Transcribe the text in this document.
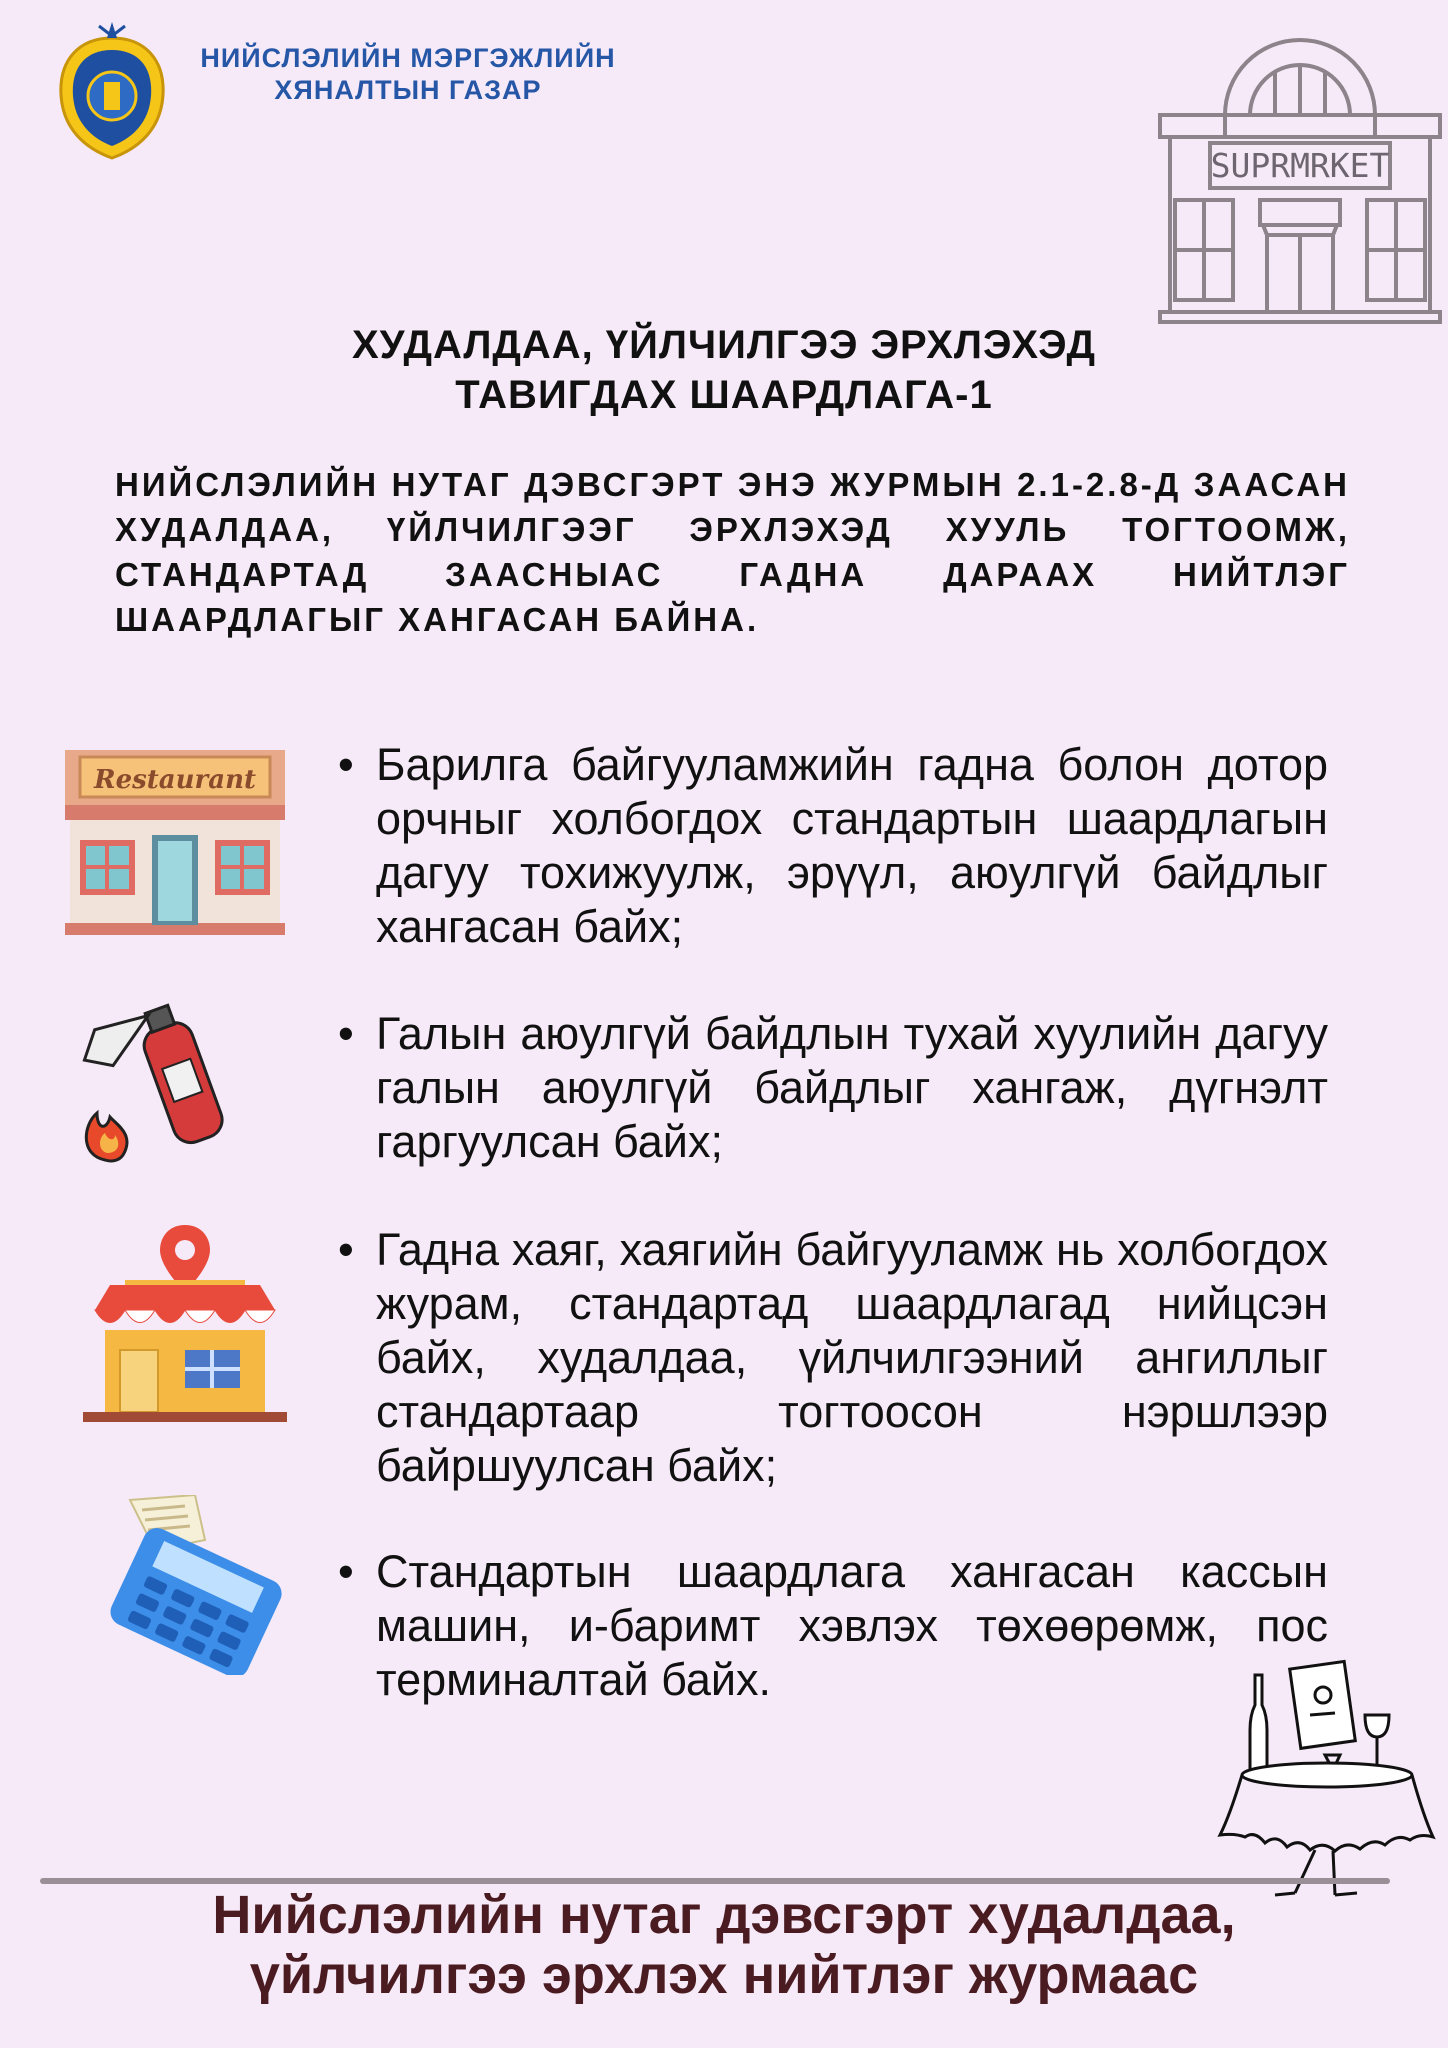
НИЙСЛЭЛИЙН МЭРГЭЖЛИЙН
ХЯНАЛТЫН ГАЗАР
SUPRMRKET
ХУДАЛДАА, ҮЙЛЧИЛГЭЭ ЭРХЛЭХЭД
ТАВИГДАХ ШААРДЛАГА-1
НИЙСЛЭЛИЙН НУТАГ ДЭВСГЭРТ ЭНЭ ЖУРМЫН 2.1-2.8-Д ЗААСАН ХУДАЛДАА, ҮЙЛЧИЛГЭЭГ ЭРХЛЭХЭД ХУУЛЬ ТОГТООМЖ, СТАНДАРТАД ЗААСНЫАС ГАДНА ДАРААХ НИЙТЛЭГ ШААРДЛАГЫГ ХАНГАСАН БАЙНА.
Restaurant • Барилга байгууламжийн гадна болон дотор орчныг холбогдох стандартын шаардлагын дагуу тохижуулж, эрүүл, аюулгүй байдлыг хангасан байх;
• Галын аюулгүй байдлын тухай хуулийн дагуу галын аюулгүй байдлыг хангаж, дүгнэлт гаргуулсан байх;
• Гадна хаяг, хаягийн байгууламж нь холбогдох журам, стандартад шаардлагад нийцсэн байх, худалдаа, үйлчилгээний ангиллыг стандартаар тогтоосон нэршлээр байршуулсан байх;
• Стандартын шаардлага хангасан кассын машин, и-баримт хэвлэх төхөөрөмж, пос терминалтай байх.
Нийслэлийн нутаг дэвсгэрт худалдаа,
үйлчилгээ эрхлэх нийтлэг журмаас
